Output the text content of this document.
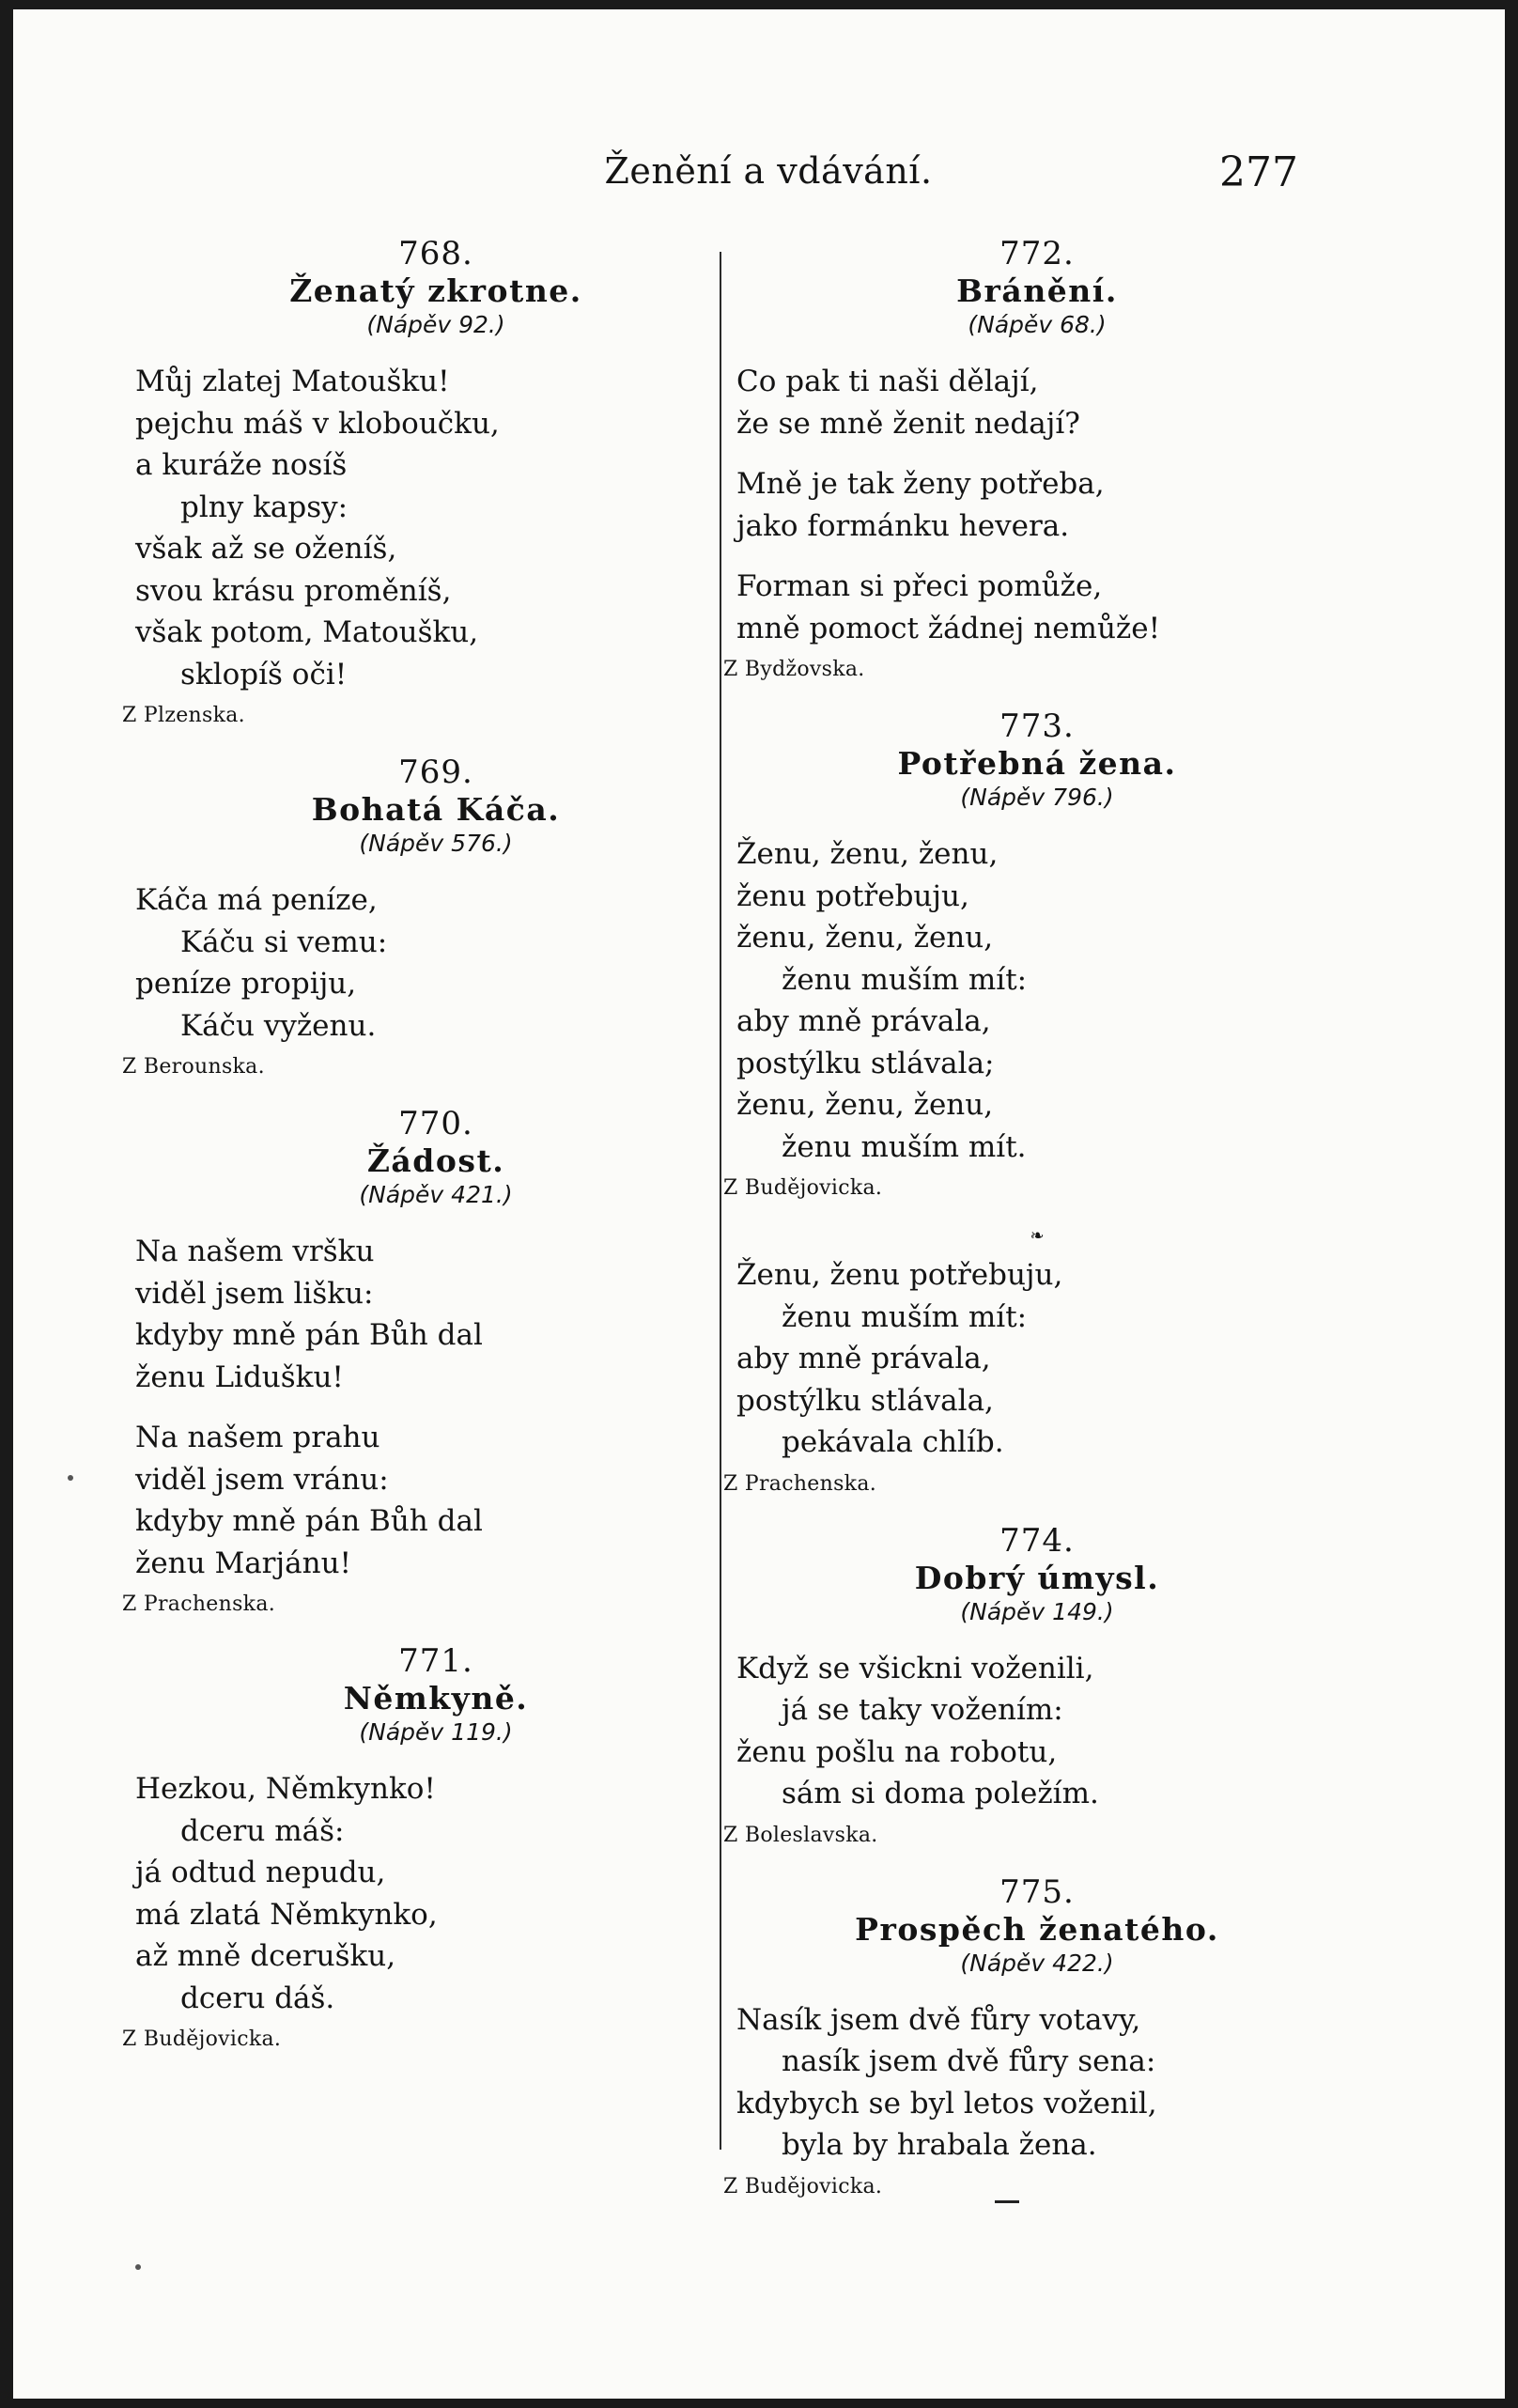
Ženění a vdávání.	277
768.
Ženatý zkrotne.
(Nápěv 92.)
Můj zlatej Matoušku!
pejchu máš v kloboučku,
a kuráže nosíš
plny kapsy:
však až se oženíš,
svou krásu proměníš,
však potom, Matoušku,
sklopíš oči!
Z Plzenska.
769.
Bohatá Káča.
(Nápěv 576.)
Káča má peníze,
Káču si vemu:
peníze propiju,
Káču vyženu.
Z Berounska.
770.
Žádost.
(Nápěv 421.)
Na našem vršku
viděl jsem lišku:
kdyby mně pán Bůh dal
ženu Lidušku!
Na našem prahu
viděl jsem vránu:
kdyby mně pán Bůh dal
ženu Marjánu!
Z Prachenska.
771.
Němkyně.
(Nápěv 119.)
Hezkou, Němkynko!
dceru máš:
já odtud nepudu,
má zlatá Němkynko,
až mně dcerušku,
dceru dáš.
Z Budějovicka.
772.
Bránění.
(Nápěv 68.)
Co pak ti naši dělají,
že se mně ženit nedají?
Mně je tak ženy potřeba,
jako formánku hevera.
Forman si přeci pomůže,
mně pomoct žádnej nemůže!
Z Bydžovska.
773.
Potřebná žena.
(Nápěv 796.)
Ženu, ženu, ženu,
ženu potřebuju,
ženu, ženu, ženu,
ženu muším mít:
aby mně právala,
postýlku stlávala;
ženu, ženu, ženu,
ženu muším mít.
Z Budějovicka.
❧
Ženu, ženu potřebuju,
ženu muším mít:
aby mně právala,
postýlku stlávala,
pekávala chlíb.
Z Prachenska.
774.
Dobrý úmysl.
(Nápěv 149.)
Když se všicknі voženili,
já se taky vožením:
ženu pošlu na robotu,
sám si doma poležím.
Z Boleslavska.
775.
Prospěch ženatého.
(Nápěv 422.)
Nasík jsem dvě fůry votavy,
nasík jsem dvě fůry sena:
kdybych se byl letos voženil,
byla by hrabala žena.
Z Budějovicka.
